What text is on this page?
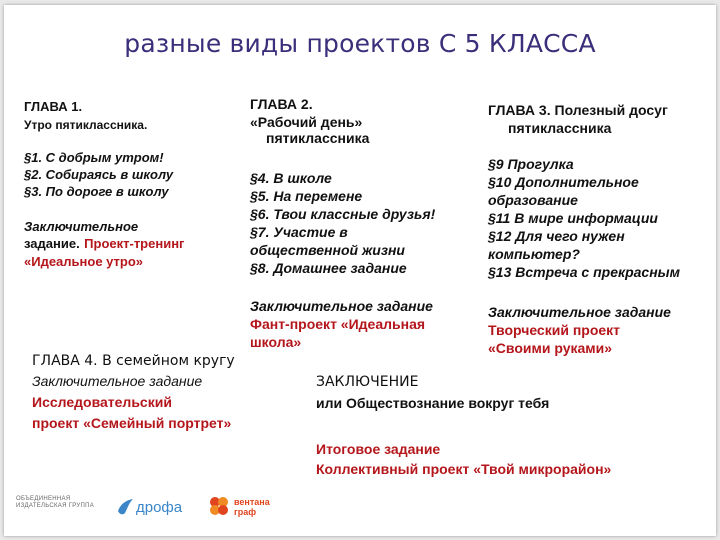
разные виды проектов С 5 КЛАССА
ГЛАВА 1.
Утро пятиклассника.
§1. С добрым утром!
§2. Собираясь в школу
§3. По дороге в школу
Заключительное
задание. Проект-тренинг
«Идеальное утро»
ГЛАВА 2.
«Рабочий день»
пятиклассника
§4. В школе
§5. На перемене
§6. Твои классные друзья!
§7. Участие в
общественной жизни
§8. Домашнее задание
Заключительное задание
Фант-проект «Идеальная
школа»
ГЛАВА 3. Полезный досуг
пятиклассника
§9 Прогулка
§10 Дополнительное
образование
§11 В мире информации
§12 Для чего нужен
компьютер?
§13 Встреча с прекрасным
Заключительное задание
Творческий проект
«Своими руками»
ГЛАВА 4. В семейном кругу
Заключительное задание
Исследовательский
проект «Семейный портрет»
ЗАКЛЮЧЕНИЕ
или Обществознание вокруг тебя
Итоговое задание
Коллективный проект «Твой микрорайон»
ОБЪЕДИНЕННАЯ
ИЗДАТЕЛЬСКАЯ ГРУППА	дрофа	вентана
граф
